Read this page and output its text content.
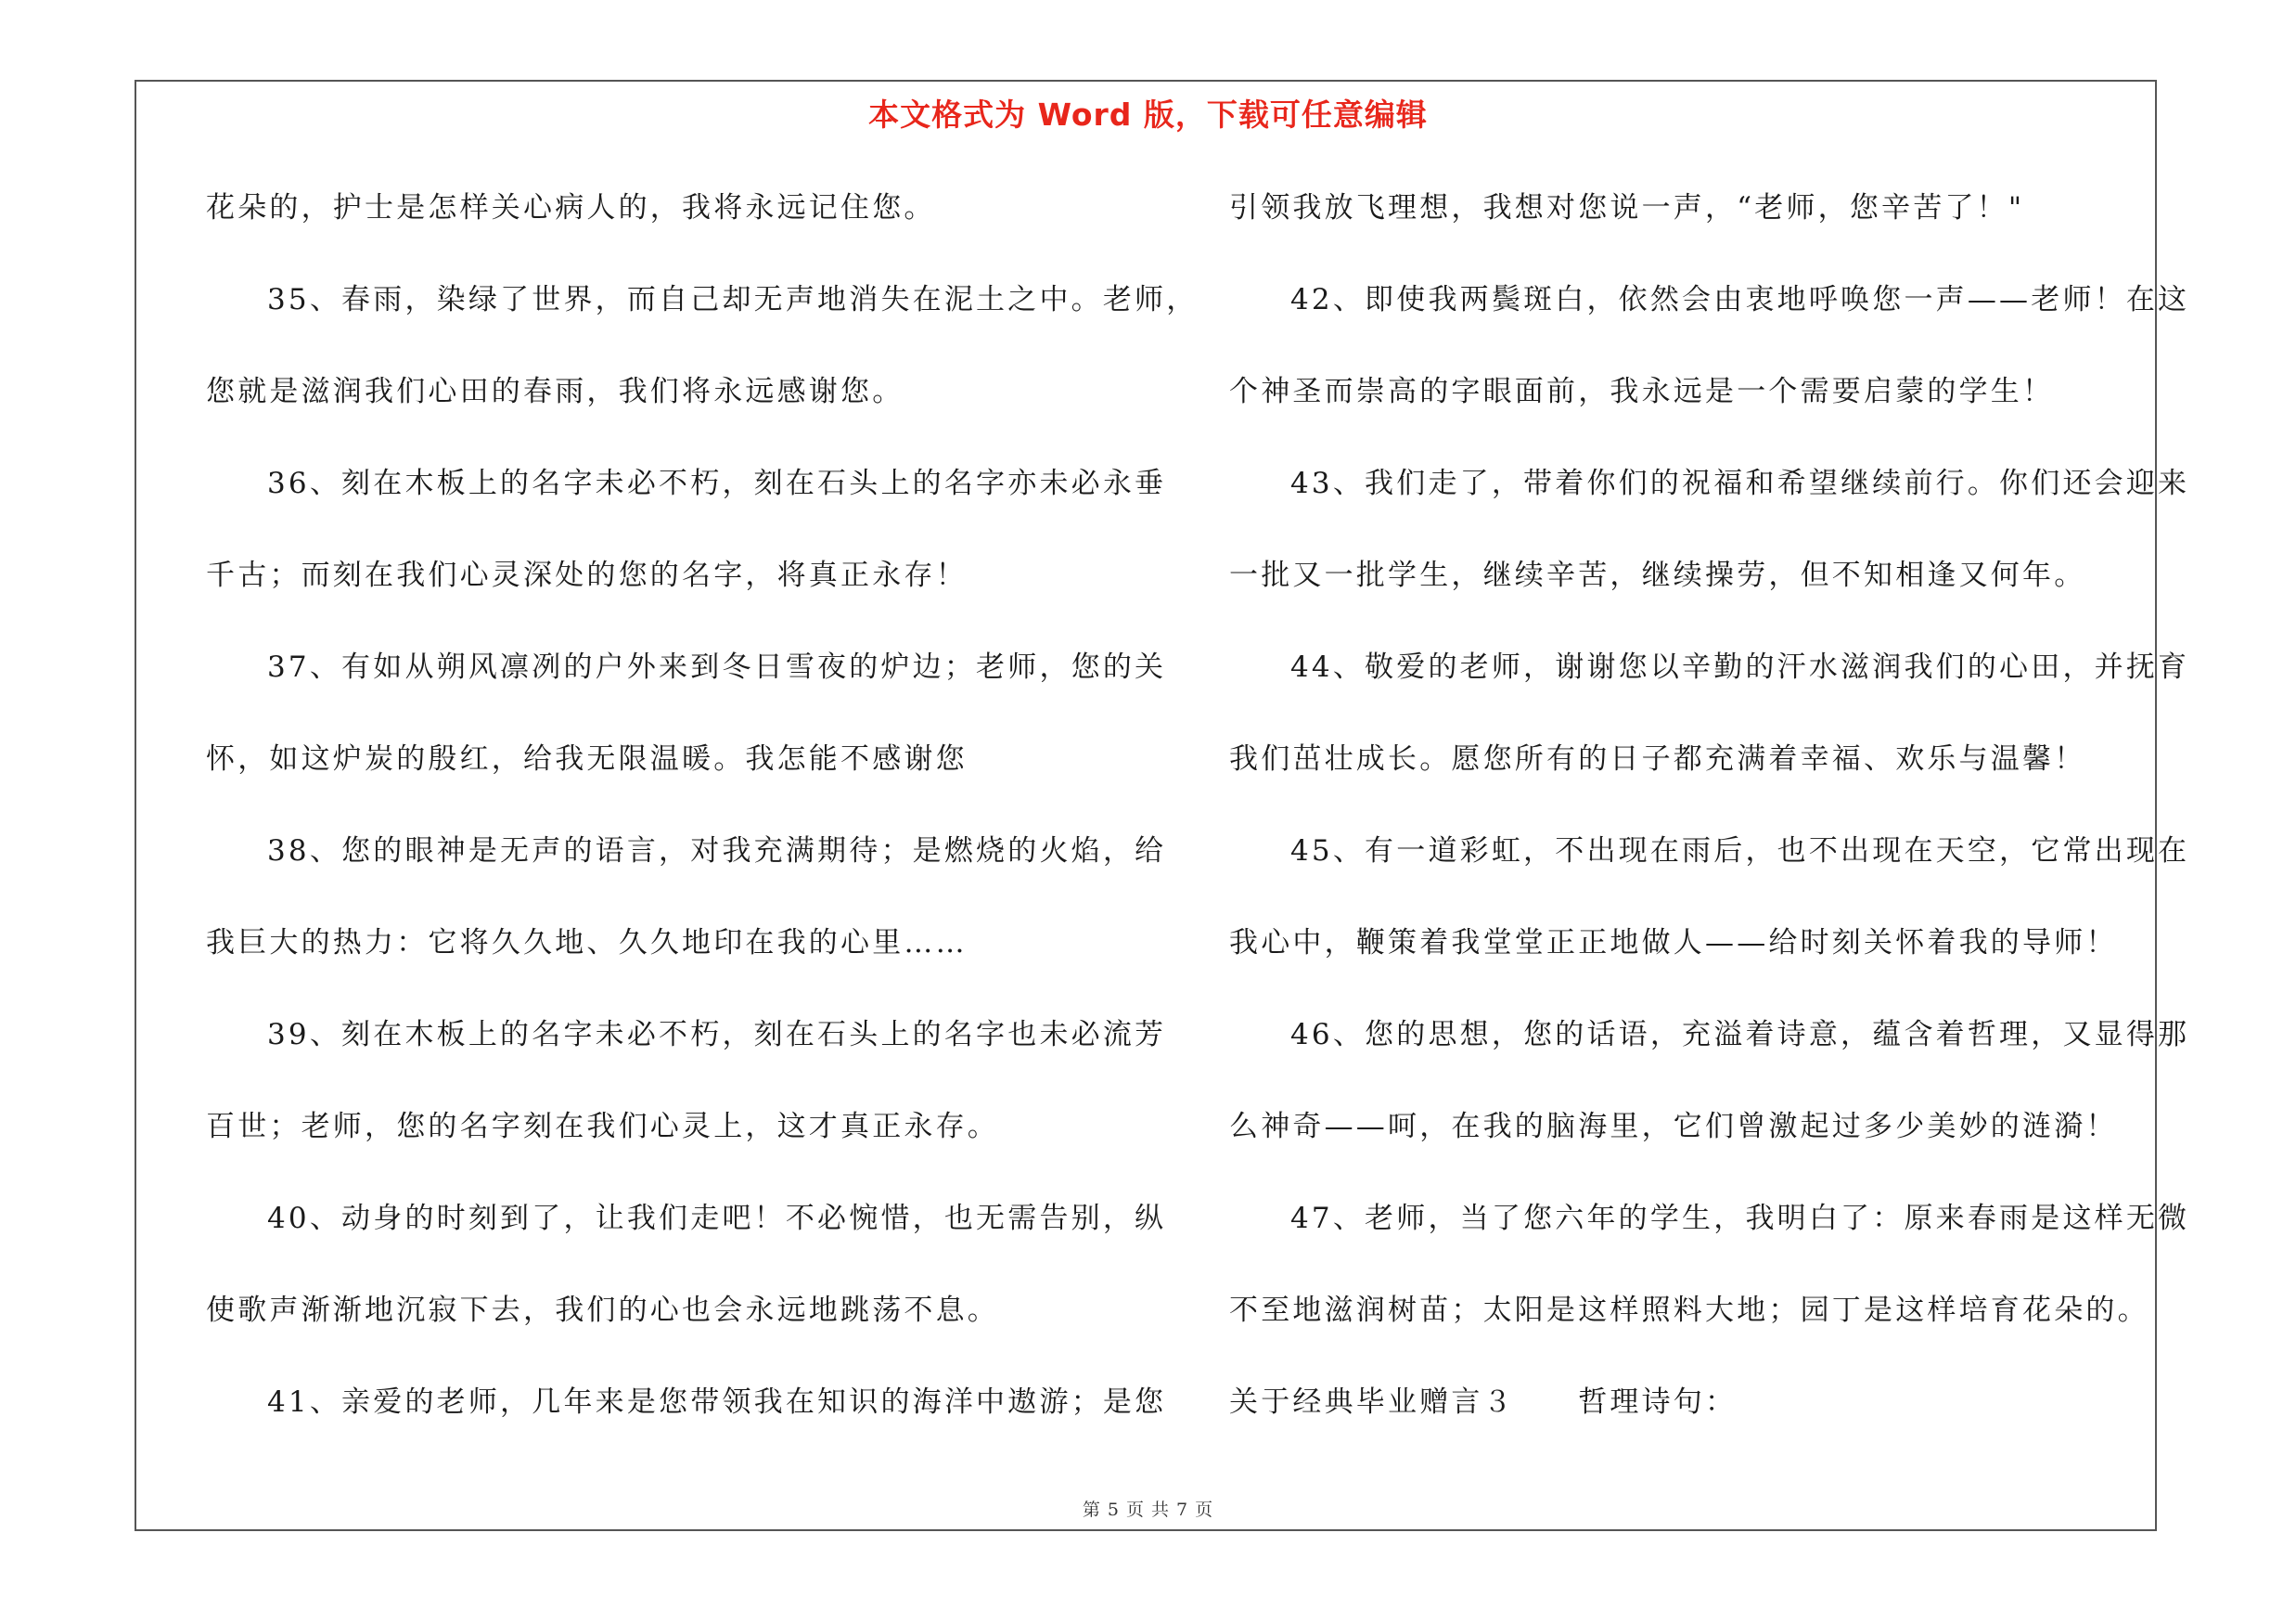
本文格式为 Word 版，下载可任意编辑
花朵的，护士是怎样关心病人的，我将永远记住您。
35、春雨，染绿了世界，而自己却无声地消失在泥土之中。老师，
您就是滋润我们心田的春雨，我们将永远感谢您。
36、刻在木板上的名字未必不朽，刻在石头上的名字亦未必永垂
千古；而刻在我们心灵深处的您的名字，将真正永存！
37、有如从朔风凛冽的户外来到冬日雪夜的炉边；老师，您的关
怀，如这炉炭的殷红，给我无限温暖。我怎能不感谢您
38、您的眼神是无声的语言，对我充满期待；是燃烧的火焰，给
我巨大的热力：它将久久地、久久地印在我的心里……
39、刻在木板上的名字未必不朽，刻在石头上的名字也未必流芳
百世；老师，您的名字刻在我们心灵上，这才真正永存。
40、动身的时刻到了，让我们走吧！不必惋惜，也无需告别，纵
使歌声渐渐地沉寂下去，我们的心也会永远地跳荡不息。
41、亲爱的老师，几年来是您带领我在知识的海洋中遨游；是您
引领我放飞理想，我想对您说一声，“老师，您辛苦了！"
42、即使我两鬓斑白，依然会由衷地呼唤您一声——老师！在这
个神圣而崇高的字眼面前，我永远是一个需要启蒙的学生！
43、我们走了，带着你们的祝福和希望继续前行。你们还会迎来
一批又一批学生，继续辛苦，继续操劳，但不知相逢又何年。
44、敬爱的老师，谢谢您以辛勤的汗水滋润我们的心田，并抚育
我们茁壮成长。愿您所有的日子都充满着幸福、欢乐与温馨！
45、有一道彩虹，不出现在雨后，也不出现在天空，它常出现在
我心中，鞭策着我堂堂正正地做人——给时刻关怀着我的导师！
46、您的思想，您的话语，充溢着诗意，蕴含着哲理，又显得那
么神奇——呵，在我的脑海里，它们曾激起过多少美妙的涟漪！
47、老师，当了您六年的学生，我明白了：原来春雨是这样无微
不至地滋润树苗；太阳是这样照料大地；园丁是这样培育花朵的。
关于经典毕业赠言３　　哲理诗句：
第 5 页 共 7 页
